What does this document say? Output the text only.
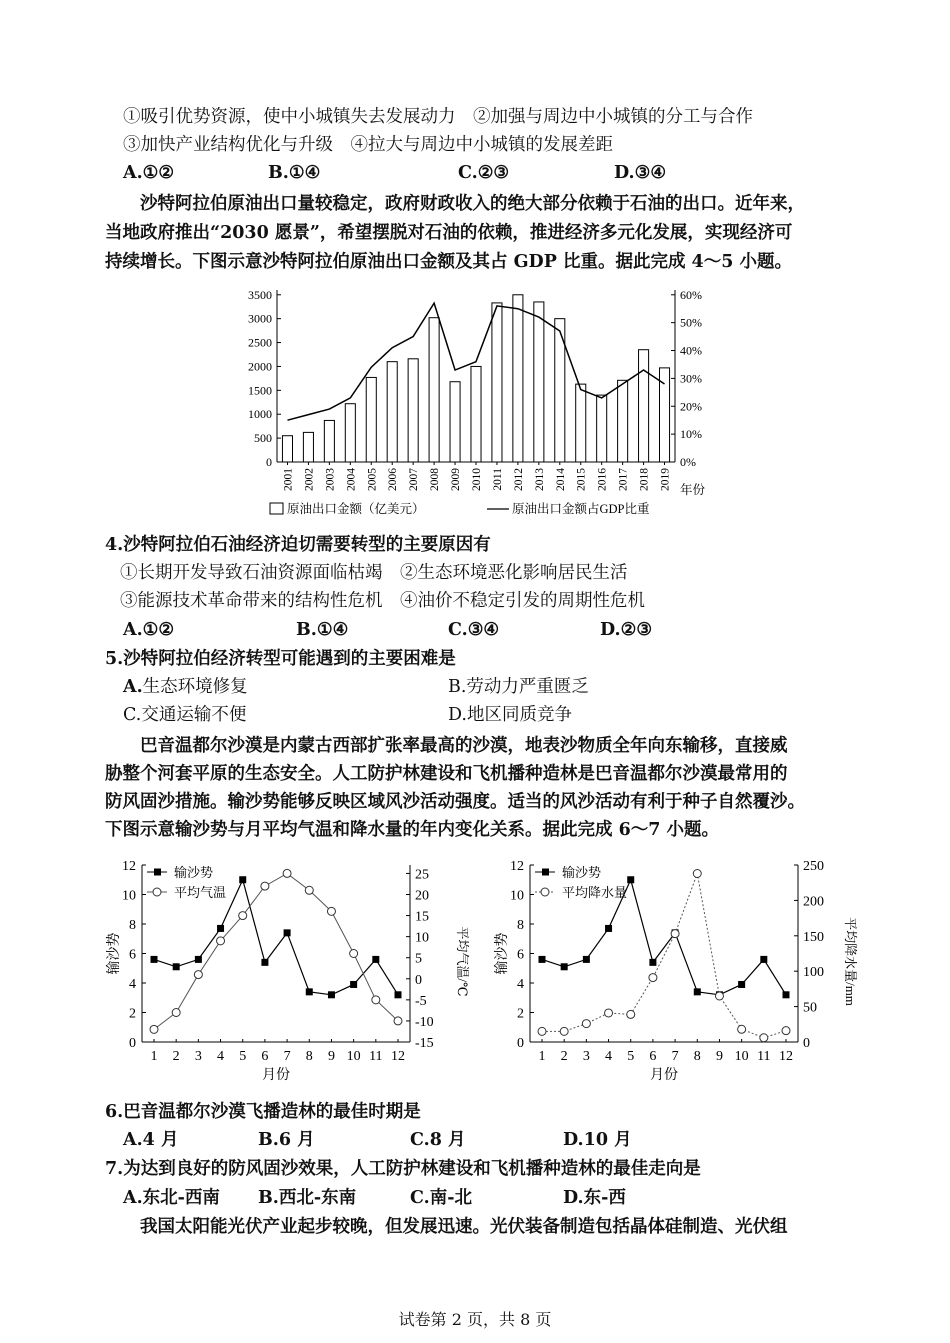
①吸引优势资源，使中小城镇失去发展动力　②加强与周边中小城镇的分工与合作
③加快产业结构优化与升级　④拉大与周边中小城镇的发展差距
A.①②	B.①④	C.②③	D.③④
沙特阿拉伯原油出口量较稳定，政府财政收入的绝大部分依赖于石油的出口。近年来，
当地政府推出“2030 愿景”，希望摆脱对石油的依赖，推进经济多元化发展，实现经济可
持续增长。下图示意沙特阿拉伯原油出口金额及其占 GDP 比重。据此完成 4～5 小题。
0
500
1000
1500
2000
2500
3000
3500
0%
10%
20%
30%
40%
50%
60%
2001 2002 2003 2004 2005 2006 2007 2008 2009 2010 2011 2012 2013 2014 2015 2016 2017 2018 2019 年份
原油出口金额（亿美元）	原油出口金额占GDP比重
4.沙特阿拉伯石油经济迫切需要转型的主要原因有
①长期开发导致石油资源面临枯竭　②生态环境恶化影响居民生活
③能源技术革命带来的结构性危机　④油价不稳定引发的周期性危机
A.①②	B.①④	C.③④	D.②③
5.沙特阿拉伯经济转型可能遇到的主要困难是
A.生态环境修复	B.劳动力严重匮乏
C.交通运输不便	D.地区同质竞争
巴音温都尔沙漠是内蒙古西部扩张率最高的沙漠，地表沙物质全年向东输移，直接威
胁整个河套平原的生态安全。人工防护林建设和飞机播种造林是巴音温都尔沙漠最常用的
防风固沙措施。输沙势能够反映区域风沙活动强度。适当的风沙活动有利于种子自然覆沙。
下图示意输沙势与月平均气温和降水量的年内变化关系。据此完成 6～7 小题。
0
2
4
6
8
10
12
-15
-10
-5
0
5
10
15
20
25
1 2 3 4 5 6 7 8 9 10 11 12
月份
输沙势	平均气温/℃
输沙势
平均气温
0
2
4
6
8
10
12
0
50
100
150
200
250
1 2 3 4 5 6 7 8 9 10 11 12
月份
输沙势	平均降水量/mm
输沙势
平均降水量
6.巴音温都尔沙漠飞播造林的最佳时期是
A.4 月	B.6 月	C.8 月	D.10 月
7.为达到良好的防风固沙效果，人工防护林建设和飞机播种造林的最佳走向是
A.东北-西南 B.西北-东南	C.南-北	D.东-西
我国太阳能光伏产业起步较晚，但发展迅速。光伏装备制造包括晶体硅制造、光伏组
试卷第 2 页，共 8 页
